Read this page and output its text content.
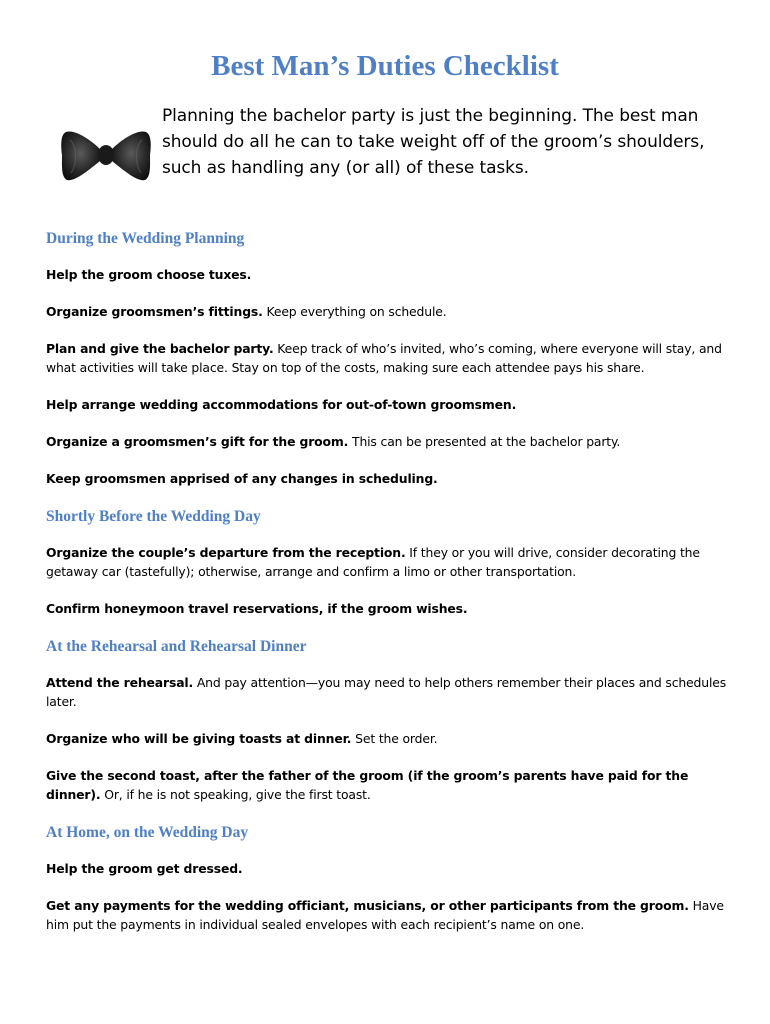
Best Man’s Duties Checklist
Planning the bachelor party is just the beginning. The best man should do all he can to take weight off of the groom’s shoulders, such as handling any (or all) of these tasks.
During the Wedding Planning
Help the groom choose tuxes.
Organize groomsmen’s fittings. Keep everything on schedule.
Plan and give the bachelor party. Keep track of who’s invited, who’s coming, where everyone will stay, and what activities will take place. Stay on top of the costs, making sure each attendee pays his share.
Help arrange wedding accommodations for out-of-town groomsmen.
Organize a groomsmen’s gift for the groom. This can be presented at the bachelor party.
Keep groomsmen apprised of any changes in scheduling.
Shortly Before the Wedding Day
Organize the couple’s departure from the reception. If they or you will drive, consider decorating the getaway car (tastefully); otherwise, arrange and confirm a limo or other transportation.
Confirm honeymoon travel reservations, if the groom wishes.
At the Rehearsal and Rehearsal Dinner
Attend the rehearsal. And pay attention—you may need to help others remember their places and schedules later.
Organize who will be giving toasts at dinner. Set the order.
Give the second toast, after the father of the groom (if the groom’s parents have paid for the dinner). Or, if he is not speaking, give the first toast.
At Home, on the Wedding Day
Help the groom get dressed.
Get any payments for the wedding officiant, musicians, or other participants from the groom. Have him put the payments in individual sealed envelopes with each recipient’s name on one.
